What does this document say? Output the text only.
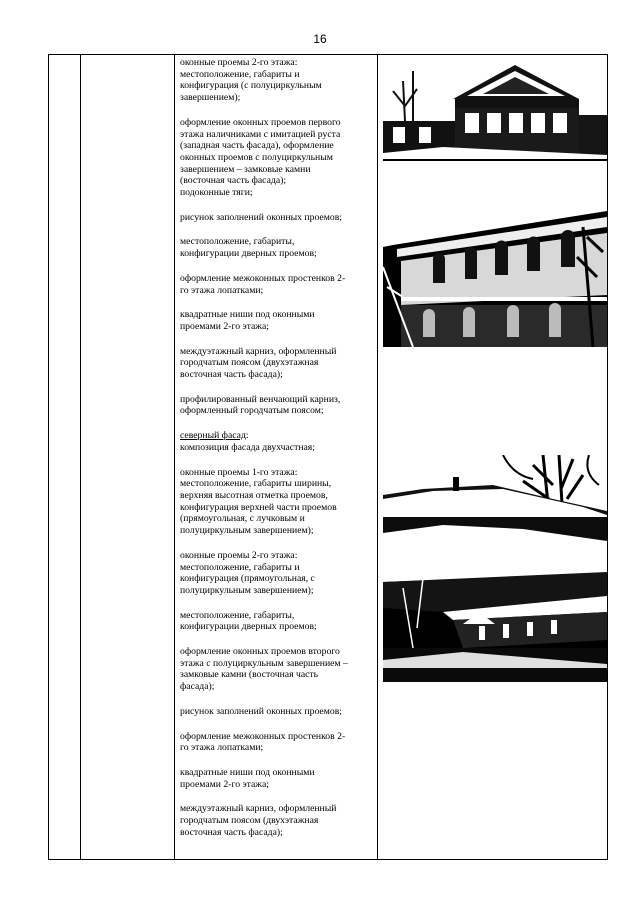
16

оконные проемы 2-го этажа:
местоположение, габариты и
конфигурация (с полуциркульным
завершением);

оформление оконных проемов первого
этажа наличниками с имитацией руста
(западная часть фасада), оформление
оконных проемов с полуциркульным
завершением – замковые камни
(восточная часть фасада);

подоконные тяги;

рисунок заполнений оконных проемов;

местоположение, габариты,
конфигурации дверных проемов;

оформление межоконных простенков 2-
го этажа лопатками;

квадратные ниши под оконными
проемами 2-го этажа;

междуэтажный карниз, оформленный
городчатым поясом (двухэтажная
восточная часть фасада);

профилированный венчающий карниз,
оформленный городчатым поясом;

северный фасад:

композиция фасада двухчастная;

оконные проемы 1-го этажа:
местоположение, габариты ширины,
верхняя высотная отметка проемов,
конфигурация верхней части проемов
(прямоугольная, с лучковым и
полуциркульным завершением);

оконные проемы 2-го этажа:
местоположение, габариты и
конфигурация (прямоугольная, с
полуциркульным завершением);

местоположение, габариты,
конфигурации дверных проемов;

оформление оконных проемов второго
этажа с полуциркульным завершением –
замковые камни (восточная часть
фасада);

рисунок заполнений оконных проемов;

оформление межоконных простенков 2-
го этажа лопатками;

квадратные ниши под оконными
проемами 2-го этажа;

междуэтажный карниз, оформленный
городчатым поясом (двухэтажная
восточная часть фасада);
